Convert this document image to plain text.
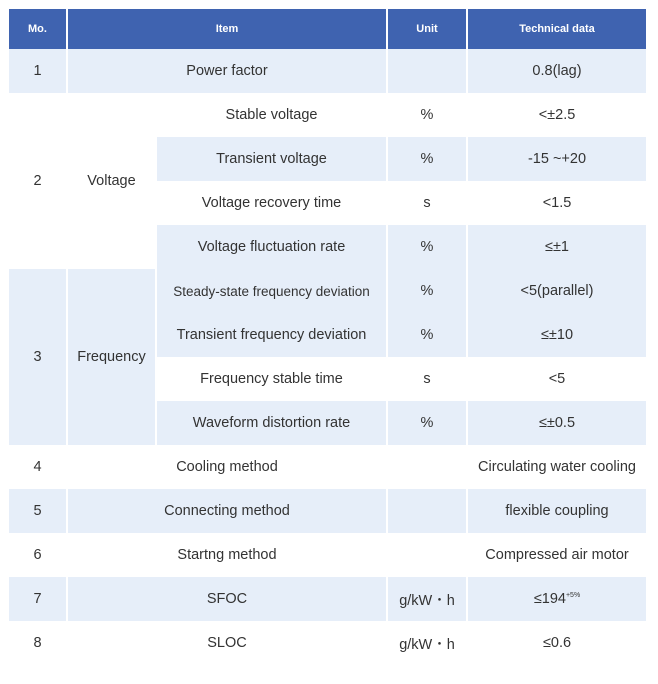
Mo.	Item		Unit	Technical data
1	Power factor			0.8(lag)
2	Voltage	Stable voltage	%	<±2.5
		Transient voltage	%	-15 ~+20
		Voltage recovery time	s	<1.5
		Voltage fluctuation rate	%	≤±1
3	Frequency	Steady-state frequency deviation	%	<5(parallel)
		Transient frequency deviation	%	≤±10
		Frequency stable time	s	<5
		Waveform distortion rate	%	≤±0.5
4	Cooling method			Circulating water cooling
5	Connecting method			flexible coupling
6	Startng method			Compressed air motor
7	SFOC		g/kW・h	$\le 194^{+5\%}$
8	SLOC		g/kW・h	≤0.6
